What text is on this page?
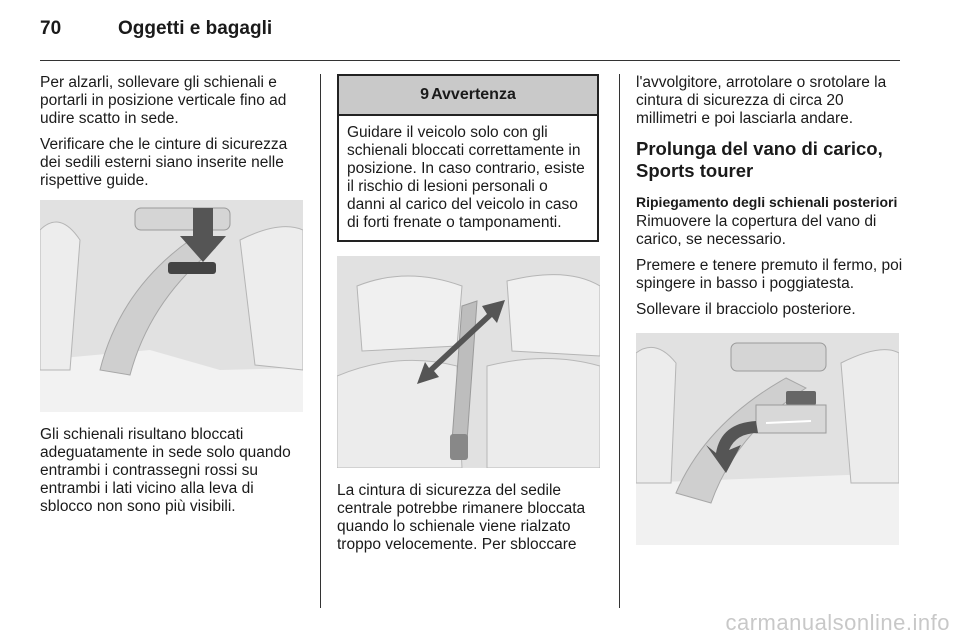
70	Oggetti e bagagli

Per alzarli, sollevare gli schienali e portarli in posizione verticale fino ad udire scatto in sede.

Verificare che le cinture di sicurezza dei sedili esterni siano inserite nelle rispettive guide.

Gli schienali risultano bloccati adeguatamente in sede solo quando entrambi i contrassegni rossi su entrambi i lati vicino alla leva di sblocco non sono più visibili.

9 Avvertenza
Guidare il veicolo solo con gli schienali bloccati correttamente in posizione. In caso contrario, esiste il rischio di lesioni personali o danni al carico del veicolo in caso di forti frenate o tamponamenti.

La cintura di sicurezza del sedile centrale potrebbe rimanere bloccata quando lo schienale viene rialzato troppo velocemente. Per sbloccare

l'avvolgitore, arrotolare o srotolare la cintura di sicurezza di circa 20 millimetri e poi lasciarla andare.

Prolunga del vano di carico, Sports tourer
Ripiegamento degli schienali posteriori

Rimuovere la copertura del vano di carico, se necessario.

Premere e tenere premuto il fermo, poi spingere in basso i poggiatesta.

Sollevare il bracciolo posteriore.

carmanualsonline.info
